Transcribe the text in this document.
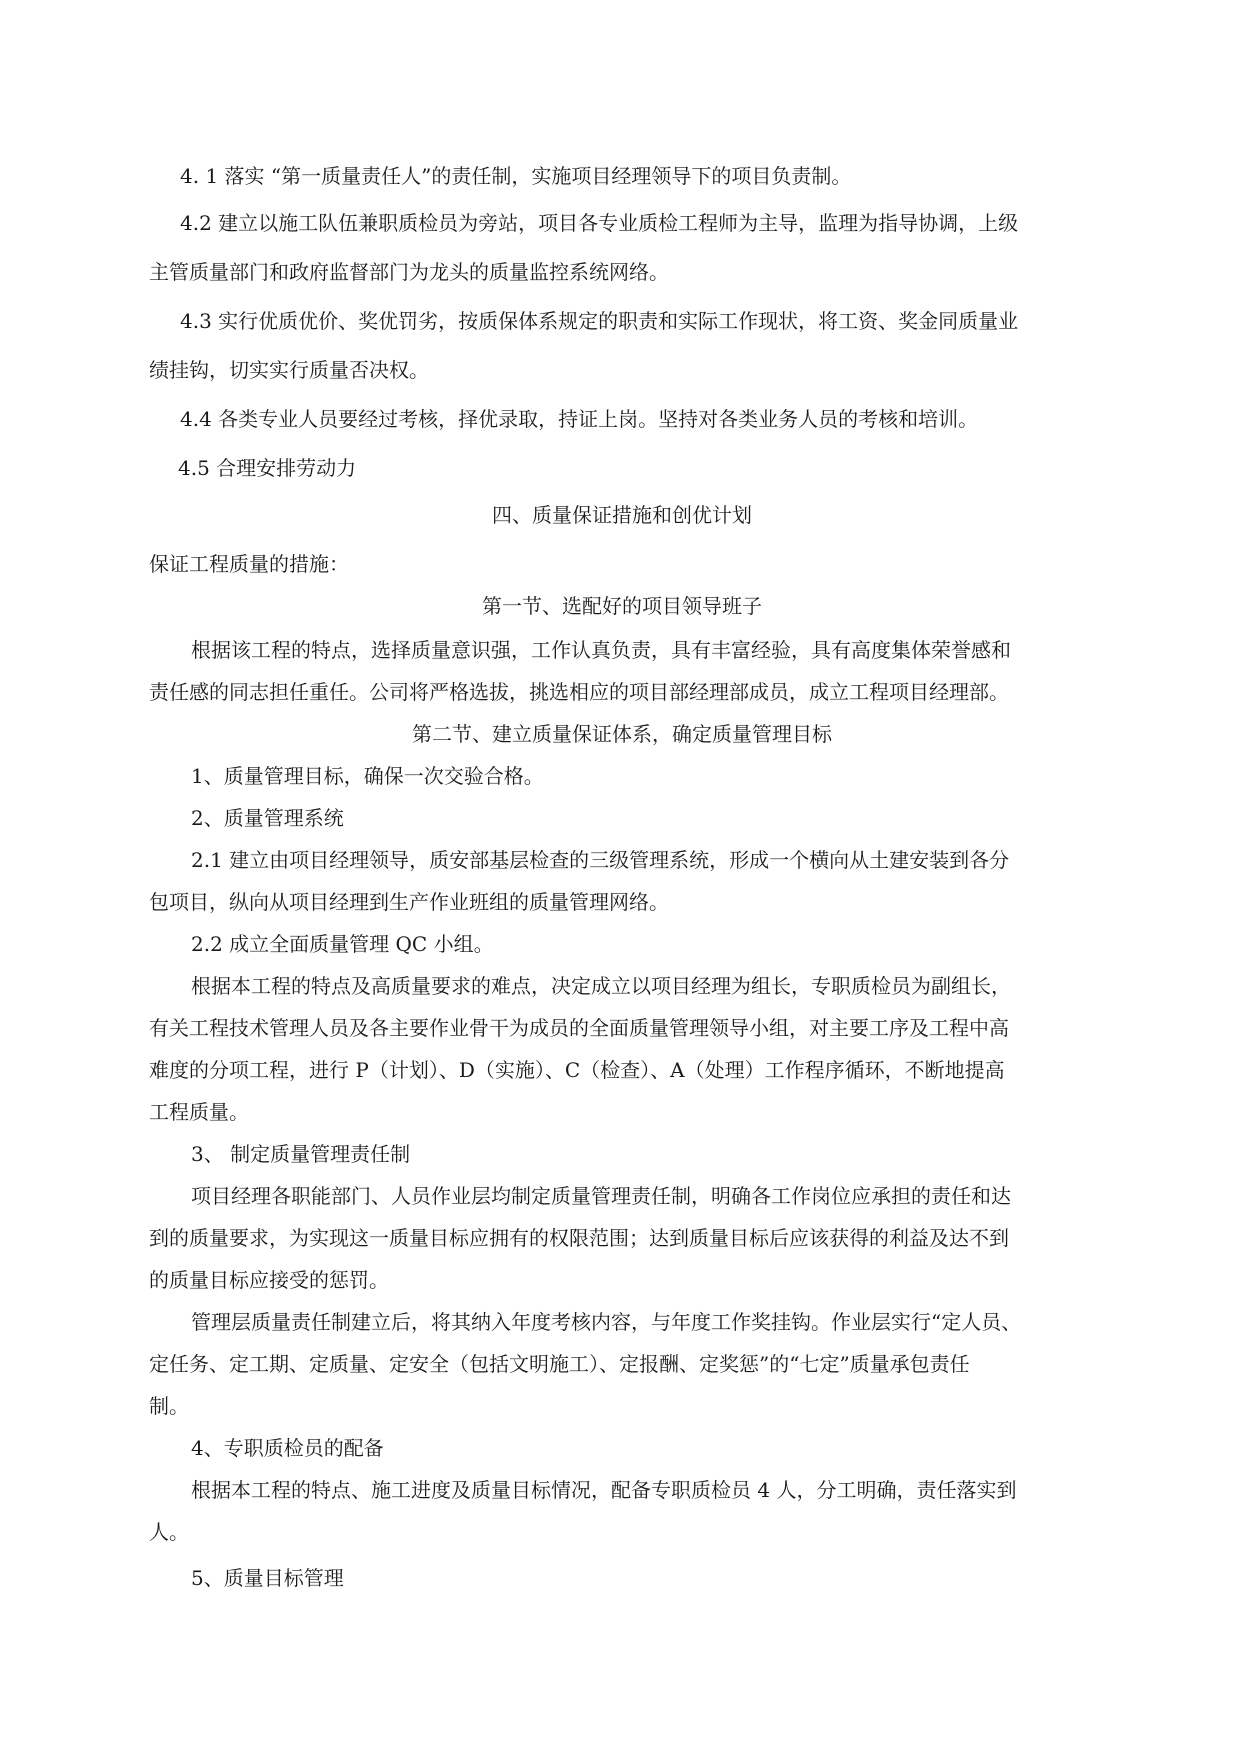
4. 1 落实 “第一质量责任人”的责任制，实施项目经理领导下的项目负责制。
4.2 建立以施工队伍兼职质检员为旁站，项目各专业质检工程师为主导，监理为指导协调，上级
主管质量部门和政府监督部门为龙头的质量监控系统网络。
4.3 实行优质优价、奖优罚劣，按质保体系规定的职责和实际工作现状，将工资、奖金同质量业
绩挂钩，切实实行质量否决权。
4.4 各类专业人员要经过考核，择优录取，持证上岗。坚持对各类业务人员的考核和培训。
4.5 合理安排劳动力
四、质量保证措施和创优计划
保证工程质量的措施：
第一节、选配好的项目领导班子
根据该工程的特点，选择质量意识强，工作认真负责，具有丰富经验，具有高度集体荣誉感和
责任感的同志担任重任。公司将严格选拔，挑选相应的项目部经理部成员，成立工程项目经理部。
第二节、建立质量保证体系，确定质量管理目标
1、质量管理目标，确保一次交验合格。
2、质量管理系统
2.1 建立由项目经理领导，质安部基层检查的三级管理系统，形成一个横向从土建安装到各分
包项目，纵向从项目经理到生产作业班组的质量管理网络。
2.2 成立全面质量管理 QC 小组。
根据本工程的特点及高质量要求的难点，决定成立以项目经理为组长，专职质检员为副组长，
有关工程技术管理人员及各主要作业骨干为成员的全面质量管理领导小组，对主要工序及工程中高
难度的分项工程，进行 P（计划）、D（实施）、C（检查）、A（处理）工作程序循环，不断地提高
工程质量。
3、 制定质量管理责任制
项目经理各职能部门、人员作业层均制定质量管理责任制，明确各工作岗位应承担的责任和达
到的质量要求，为实现这一质量目标应拥有的权限范围；达到质量目标后应该获得的利益及达不到
的质量目标应接受的惩罚。
管理层质量责任制建立后，将其纳入年度考核内容，与年度工作奖挂钩。作业层实行“定人员、
定任务、定工期、定质量、定安全（包括文明施工）、定报酬、定奖惩”的“七定”质量承包责任
制。
4、专职质检员的配备
根据本工程的特点、施工进度及质量目标情况，配备专职质检员 4 人，分工明确，责任落实到
人。
5、质量目标管理
